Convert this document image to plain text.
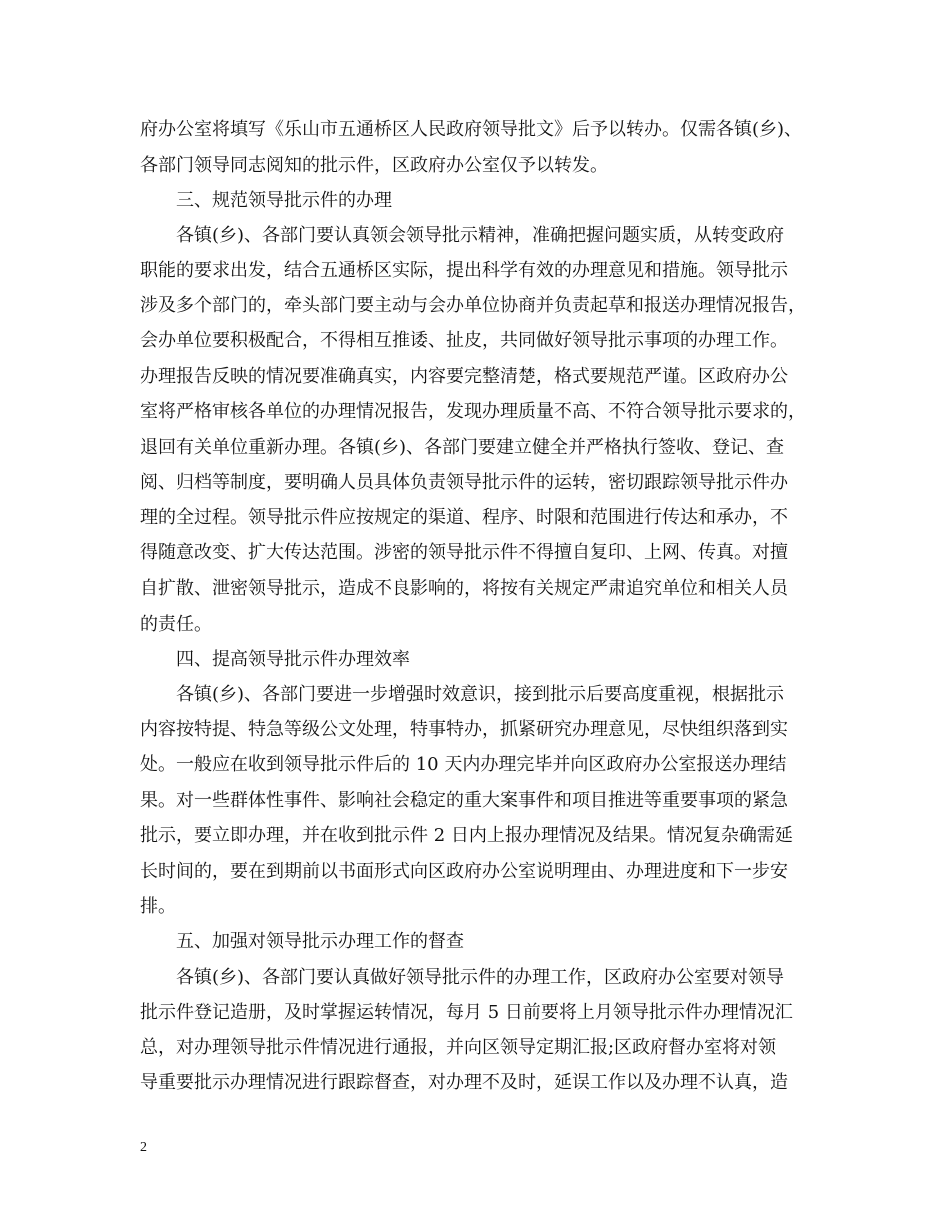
府办公室将填写《乐山市五通桥区人民政府领导批文》后予以转办。仅需各镇(乡)、
各部门领导同志阅知的批示件，区政府办公室仅予以转发。
三、规范领导批示件的办理
各镇(乡)、各部门要认真领会领导批示精神，准确把握问题实质，从转变政府
职能的要求出发，结合五通桥区实际，提出科学有效的办理意见和措施。领导批示
涉及多个部门的，牵头部门要主动与会办单位协商并负责起草和报送办理情况报告，
会办单位要积极配合，不得相互推诿、扯皮，共同做好领导批示事项的办理工作。
办理报告反映的情况要准确真实，内容要完整清楚，格式要规范严谨。区政府办公
室将严格审核各单位的办理情况报告，发现办理质量不高、不符合领导批示要求的，
退回有关单位重新办理。各镇(乡)、各部门要建立健全并严格执行签收、登记、查
阅、归档等制度，要明确人员具体负责领导批示件的运转，密切跟踪领导批示件办
理的全过程。领导批示件应按规定的渠道、程序、时限和范围进行传达和承办，不
得随意改变、扩大传达范围。涉密的领导批示件不得擅自复印、上网、传真。对擅
自扩散、泄密领导批示，造成不良影响的，将按有关规定严肃追究单位和相关人员
的责任。
四、提高领导批示件办理效率
各镇(乡)、各部门要进一步增强时效意识，接到批示后要高度重视，根据批示
内容按特提、特急等级公文处理，特事特办，抓紧研究办理意见，尽快组织落到实
处。一般应在收到领导批示件后的 10 天内办理完毕并向区政府办公室报送办理结
果。对一些群体性事件、影响社会稳定的重大案事件和项目推进等重要事项的紧急
批示，要立即办理，并在收到批示件 2 日内上报办理情况及结果。情况复杂确需延
长时间的，要在到期前以书面形式向区政府办公室说明理由、办理进度和下一步安
排。
五、加强对领导批示办理工作的督查
各镇(乡)、各部门要认真做好领导批示件的办理工作，区政府办公室要对领导
批示件登记造册，及时掌握运转情况，每月 5 日前要将上月领导批示件办理情况汇
总，对办理领导批示件情况进行通报，并向区领导定期汇报;区政府督办室将对领
导重要批示办理情况进行跟踪督查，对办理不及时，延误工作以及办理不认真，造
2
